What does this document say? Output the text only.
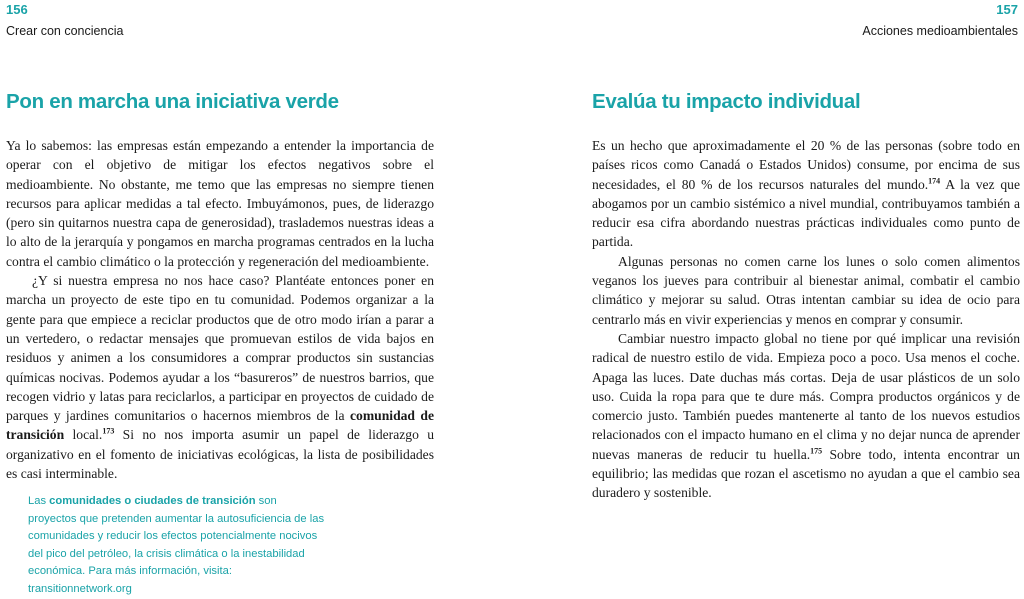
156	157
Crear con conciencia	Acciones medioambientales
Pon en marcha una iniciativa verde

Ya lo sabemos: las empresas están empezando a entender la importancia de operar con el objetivo de mitigar los efectos negativos sobre el medioambiente. No obstante, me temo que las empresas no siempre tienen recursos para aplicar medidas a tal efecto. Imbuyámonos, pues, de liderazgo (pero sin quitarnos nuestra capa de generosidad), traslademos nuestras ideas a lo alto de la jerarquía y pongamos en marcha programas centrados en la lucha contra el cambio climático o la protección y regeneración del medioambiente.

¿Y si nuestra empresa no nos hace caso? Plantéate entonces poner en marcha un proyecto de este tipo en tu comunidad. Podemos organizar a la gente para que empiece a reciclar productos que de otro modo irían a parar a un vertedero, o redactar mensajes que promuevan estilos de vida bajos en residuos y animen a los consumidores a comprar productos sin sustancias químicas nocivas. Podemos ayudar a los “basureros” de nuestros barrios, que recogen vidrio y latas para reciclarlos, a participar en proyectos de cuidado de parques y jardines comunitarios o hacernos miembros de la comunidad de transición local.$^{173}$ Si no nos importa asumir un papel de liderazgo u organizativo en el fomento de iniciativas ecológicas, la lista de posibilidades es casi interminable.

Las comunidades o ciudades de transición son proyectos que pretenden aumentar la autosuficiencia de las comunidades y reducir los efectos potencialmente nocivos del pico del petróleo, la crisis climática o la inestabilidad económica. Para más información, visita: transitionnetwork.org
Evalúa tu impacto individual

Es un hecho que aproximadamente el 20 % de las personas (sobre todo en países ricos como Canadá o Estados Unidos) consume, por encima de sus necesidades, el 80 % de los recursos naturales del mundo.$^{174}$ A la vez que abogamos por un cambio sistémico a nivel mundial, contribuyamos también a reducir esa cifra abordando nuestras prácticas individuales como punto de partida.

Algunas personas no comen carne los lunes o solo comen alimentos veganos los jueves para contribuir al bienestar animal, combatir el cambio climático y mejorar su salud. Otras intentan cambiar su idea de ocio para centrarlo más en vivir experiencias y menos en comprar y consumir.

Cambiar nuestro impacto global no tiene por qué implicar una revisión radical de nuestro estilo de vida. Empieza poco a poco. Usa menos el coche. Apaga las luces. Date duchas más cortas. Deja de usar plásticos de un solo uso. Cuida la ropa para que te dure más. Compra productos orgánicos y de comercio justo. También puedes mantenerte al tanto de los nuevos estudios relacionados con el impacto humano en el clima y no dejar nunca de aprender nuevas maneras de reducir tu huella.$^{175}$ Sobre todo, intenta encontrar un equilibrio; las medidas que rozan el ascetismo no ayudan a que el cambio sea duradero y sostenible.
